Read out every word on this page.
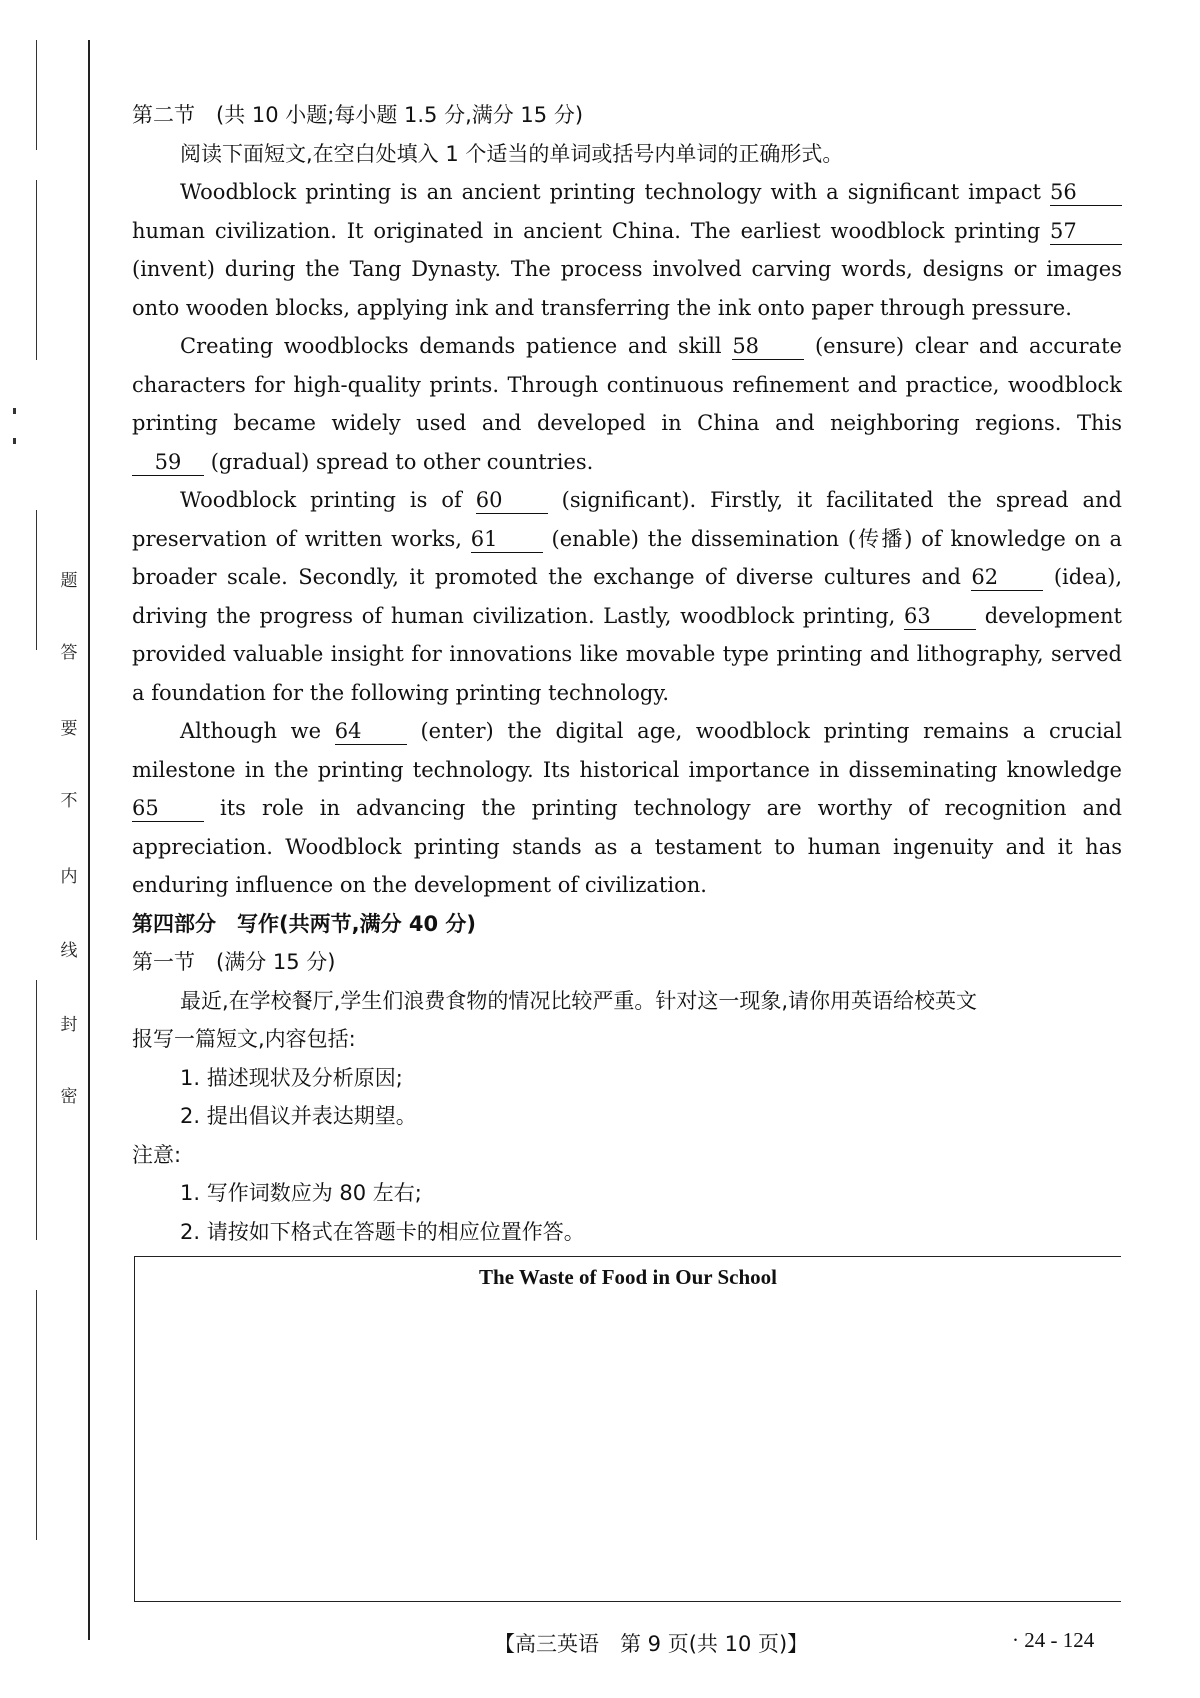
题
答
要
不
内
线
封
密
第二节　(共 10 小题;每小题 1.5 分,满分 15 分)
阅读下面短文,在空白处填入 1 个适当的单词或括号内单词的正确形式。
Woodblock printing is an ancient printing technology with a significant impact 56
human civilization. It originated in ancient China. The earliest woodblock printing 57
(invent) during the Tang Dynasty. The process involved carving words, designs or images
onto wooden blocks, applying ink and transferring the ink onto paper through pressure.
Creating woodblocks demands patience and skill 58	(ensure) clear and accurate
characters for high-quality prints. Through continuous refinement and practice, woodblock
printing became widely used and developed in China and neighboring regions. This
59 (gradual) spread to other countries.
Woodblock printing is of 60	(significant). Firstly, it facilitated the spread and
preservation of written works, 61	(enable) the dissemination (传播) of knowledge on a
broader scale. Secondly, it promoted the exchange of diverse cultures and 62	(idea),
driving the progress of human civilization. Lastly, woodblock printing, 63	development
provided valuable insight for innovations like movable type printing and lithography, served
a foundation for the following printing technology.
Although we 64	(enter) the digital age, woodblock printing remains a crucial
milestone in the printing technology. Its historical importance in disseminating knowledge
65	its role in advancing the printing technology are worthy of recognition and
appreciation. Woodblock printing stands as a testament to human ingenuity and it has
enduring influence on the development of civilization.
第四部分　写作(共两节,满分 40 分)
第一节　(满分 15 分)
最近,在学校餐厅,学生们浪费食物的情况比较严重。针对这一现象,请你用英语给校英文
报写一篇短文,内容包括:
1. 描述现状及分析原因;
2. 提出倡议并表达期望。
注意:
1. 写作词数应为 80 左右;
2. 请按如下格式在答题卡的相应位置作答。
The Waste of Food in Our School
【高三英语　第 9 页(共 10 页)】	· 24 - 124
